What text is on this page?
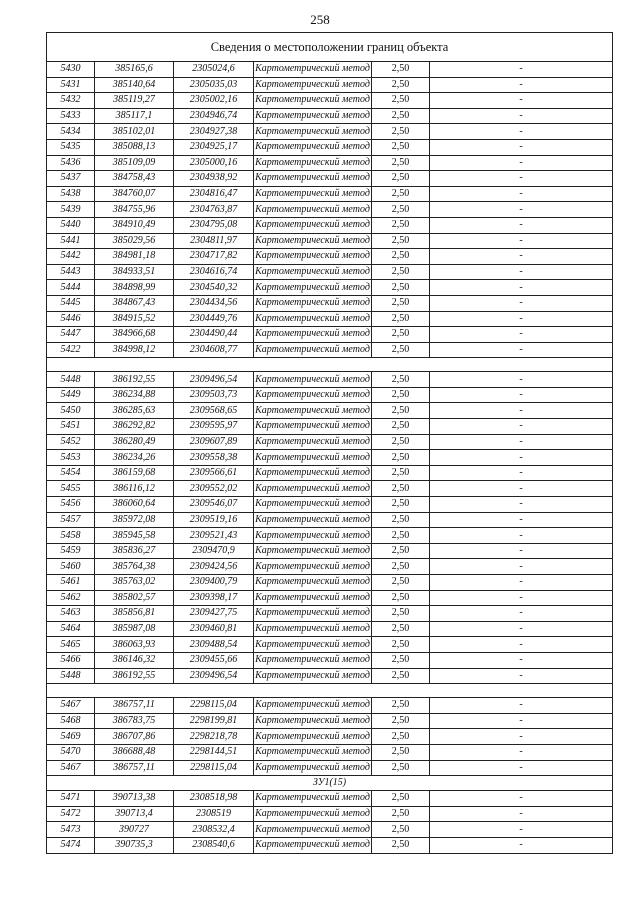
258
Сведения о местоположении границ объекта					
5430	385165,6	2305024,6	Картометрический метод	2,50	-
5431	385140,64	2305035,03	Картометрический метод	2,50	-
5432	385119,27	2305002,16	Картометрический метод	2,50	-
5433	385117,1	2304946,74	Картометрический метод	2,50	-
5434	385102,01	2304927,38	Картометрический метод	2,50	-
5435	385088,13	2304925,17	Картометрический метод	2,50	-
5436	385109,09	2305000,16	Картометрический метод	2,50	-
5437	384758,43	2304938,92	Картометрический метод	2,50	-
5438	384760,07	2304816,47	Картометрический метод	2,50	-
5439	384755,96	2304763,87	Картометрический метод	2,50	-
5440	384910,49	2304795,08	Картометрический метод	2,50	-
5441	385029,56	2304811,97	Картометрический метод	2,50	-
5442	384981,18	2304717,82	Картометрический метод	2,50	-
5443	384933,51	2304616,74	Картометрический метод	2,50	-
5444	384898,99	2304540,32	Картометрический метод	2,50	-
5445	384867,43	2304434,56	Картометрический метод	2,50	-
5446	384915,52	2304449,76	Картометрический метод	2,50	-
5447	384966,68	2304490,44	Картометрический метод	2,50	-
5422	384998,12	2304608,77	Картометрический метод	2,50	-

5448	386192,55	2309496,54	Картометрический метод	2,50	-
5449	386234,88	2309503,73	Картометрический метод	2,50	-
5450	386285,63	2309568,65	Картометрический метод	2,50	-
5451	386292,82	2309595,97	Картометрический метод	2,50	-
5452	386280,49	2309607,89	Картометрический метод	2,50	-
5453	386234,26	2309558,38	Картометрический метод	2,50	-
5454	386159,68	2309566,61	Картометрический метод	2,50	-
5455	386116,12	2309552,02	Картометрический метод	2,50	-
5456	386060,64	2309546,07	Картометрический метод	2,50	-
5457	385972,08	2309519,16	Картометрический метод	2,50	-
5458	385945,58	2309521,43	Картометрический метод	2,50	-
5459	385836,27	2309470,9	Картометрический метод	2,50	-
5460	385764,38	2309424,56	Картометрический метод	2,50	-
5461	385763,02	2309400,79	Картометрический метод	2,50	-
5462	385802,57	2309398,17	Картометрический метод	2,50	-
5463	385856,81	2309427,75	Картометрический метод	2,50	-
5464	385987,08	2309460,81	Картометрический метод	2,50	-
5465	386063,93	2309488,54	Картометрический метод	2,50	-
5466	386146,32	2309455,66	Картометрический метод	2,50	-
5448	386192,55	2309496,54	Картометрический метод	2,50	-

5467	386757,11	2298115,04	Картометрический метод	2,50	-
5468	386783,75	2298199,81	Картометрический метод	2,50	-
5469	386707,86	2298218,78	Картометрический метод	2,50	-
5470	386688,48	2298144,51	Картометрический метод	2,50	-
5467	386757,11	2298115,04	Картометрический метод	2,50	-
ЗУ1(15)					
5471	390713,38	2308518,98	Картометрический метод	2,50	-
5472	390713,4	2308519	Картометрический метод	2,50	-
5473	390727	2308532,4	Картометрический метод	2,50	-
5474	390735,3	2308540,6	Картометрический метод	2,50	-
